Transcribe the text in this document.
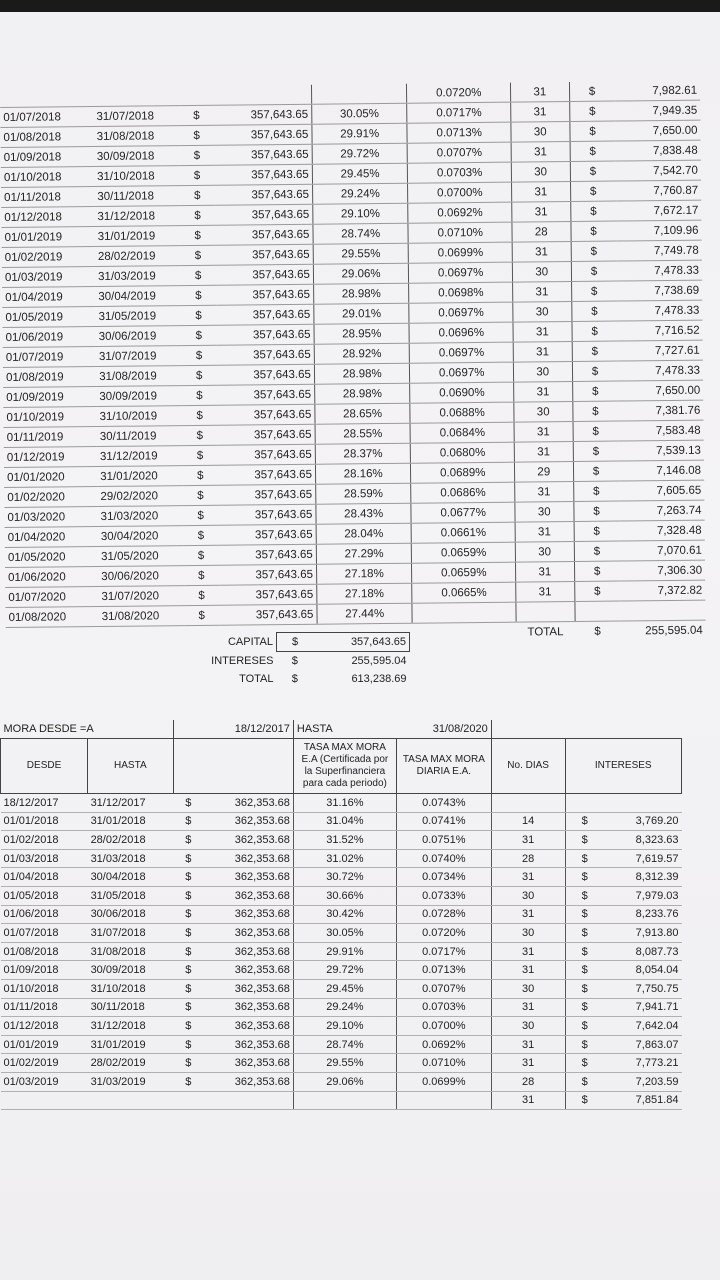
					0.0720%	31	$	7,982.61
01/07/2018	31/07/2018	$	357,643.65	30.05%	0.0717%	31	$	7,949.35
01/08/2018	31/08/2018	$	357,643.65	29.91%	0.0713%	30	$	7,650.00
01/09/2018	30/09/2018	$	357,643.65	29.72%	0.0707%	31	$	7,838.48
01/10/2018	31/10/2018	$	357,643.65	29.45%	0.0703%	30	$	7,542.70
01/11/2018	30/11/2018	$	357,643.65	29.24%	0.0700%	31	$	7,760.87
01/12/2018	31/12/2018	$	357,643.65	29.10%	0.0692%	31	$	7,672.17
01/01/2019	31/01/2019	$	357,643.65	28.74%	0.0710%	28	$	7,109.96
01/02/2019	28/02/2019	$	357,643.65	29.55%	0.0699%	31	$	7,749.78
01/03/2019	31/03/2019	$	357,643.65	29.06%	0.0697%	30	$	7,478.33
01/04/2019	30/04/2019	$	357,643.65	28.98%	0.0698%	31	$	7,738.69
01/05/2019	31/05/2019	$	357,643.65	29.01%	0.0697%	30	$	7,478.33
01/06/2019	30/06/2019	$	357,643.65	28.95%	0.0696%	31	$	7,716.52
01/07/2019	31/07/2019	$	357,643.65	28.92%	0.0697%	31	$	7,727.61
01/08/2019	31/08/2019	$	357,643.65	28.98%	0.0697%	30	$	7,478.33
01/09/2019	30/09/2019	$	357,643.65	28.98%	0.0690%	31	$	7,650.00
01/10/2019	31/10/2019	$	357,643.65	28.65%	0.0688%	30	$	7,381.76
01/11/2019	30/11/2019	$	357,643.65	28.55%	0.0684%	31	$	7,583.48
01/12/2019	31/12/2019	$	357,643.65	28.37%	0.0680%	31	$	7,539.13
01/01/2020	31/01/2020	$	357,643.65	28.16%	0.0689%	29	$	7,146.08
01/02/2020	29/02/2020	$	357,643.65	28.59%	0.0686%	31	$	7,605.65
01/03/2020	31/03/2020	$	357,643.65	28.43%	0.0677%	30	$	7,263.74
01/04/2020	30/04/2020	$	357,643.65	28.04%	0.0661%	31	$	7,328.48
01/05/2020	31/05/2020	$	357,643.65	27.29%	0.0659%	30	$	7,070.61
01/06/2020	30/06/2020	$	357,643.65	27.18%	0.0659%	31	$	7,306.30
01/07/2020	31/07/2020	$	357,643.65	27.18%	0.0665%	31	$	7,372.82
01/08/2020	31/08/2020	$	357,643.65	27.44%				
						TOTAL	$	255,595.04
CAPITAL	$	357,643.65
INTERESES	$	255,595.04
TOTAL	$	613,238.69
MORA DESDE =A		18/12/2017		HASTA	31/08/2020			
DESDE	HASTA			TASA MAX MORA E.A (Certificada por la Superfinanciera para cada periodo)	TASA MAX MORA DIARIA E.A.	No. DIAS	INTERESES	
18/12/2017	31/12/2017	$	362,353.68	31.16%	0.0743%			
01/01/2018	31/01/2018	$	362,353.68	31.04%	0.0741%	14	$	3,769.20
01/02/2018	28/02/2018	$	362,353.68	31.52%	0.0751%	31	$	8,323.63
01/03/2018	31/03/2018	$	362,353.68	31.02%	0.0740%	28	$	7,619.57
01/04/2018	30/04/2018	$	362,353.68	30.72%	0.0734%	31	$	8,312.39
01/05/2018	31/05/2018	$	362,353.68	30.66%	0.0733%	30	$	7,979.03
01/06/2018	30/06/2018	$	362,353.68	30.42%	0.0728%	31	$	8,233.76
01/07/2018	31/07/2018	$	362,353.68	30.05%	0.0720%	30	$	7,913.80
01/08/2018	31/08/2018	$	362,353.68	29.91%	0.0717%	31	$	8,087.73
01/09/2018	30/09/2018	$	362,353.68	29.72%	0.0713%	31	$	8,054.04
01/10/2018	31/10/2018	$	362,353.68	29.45%	0.0707%	30	$	7,750.75
01/11/2018	30/11/2018	$	362,353.68	29.24%	0.0703%	31	$	7,941.71
01/12/2018	31/12/2018	$	362,353.68	29.10%	0.0700%	30	$	7,642.04
01/01/2019	31/01/2019	$	362,353.68	28.74%	0.0692%	31	$	7,863.07
01/02/2019	28/02/2019	$	362,353.68	29.55%	0.0710%	31	$	7,773.21
01/03/2019	31/03/2019	$	362,353.68	29.06%	0.0699%	28	$	7,203.59
						31	$	7,851.84
